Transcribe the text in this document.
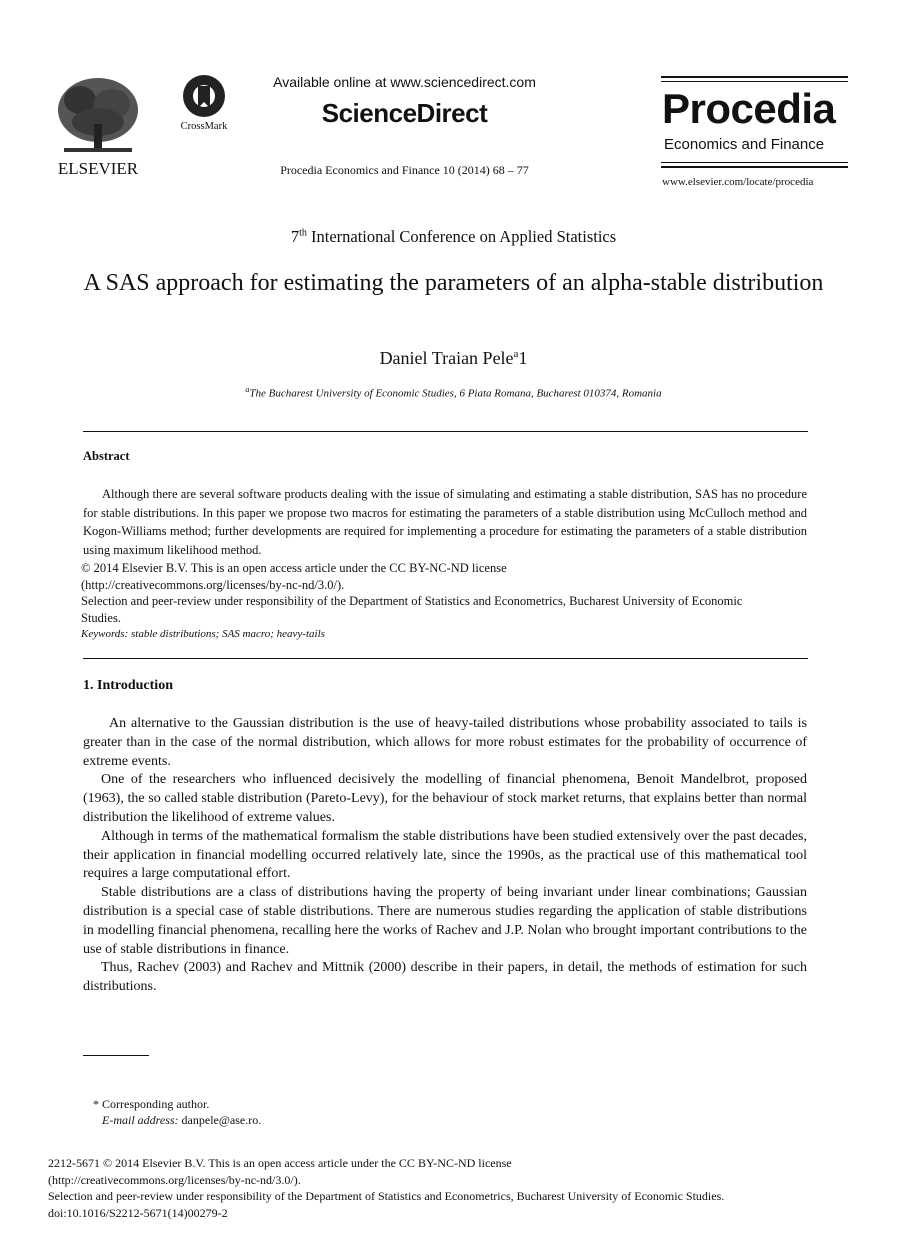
ELSEVIER
CrossMark
Available online at www.sciencedirect.com
ScienceDirect
Procedia Economics and Finance 10 (2014) 68 – 77
Procedia
Economics and Finance
www.elsevier.com/locate/procedia
7th International Conference on Applied Statistics
A SAS approach for estimating the parameters of an alpha-stable distribution
Daniel Traian Pele$^a$1
$^a$The Bucharest University of Economic Studies, 6 Piata Romana, Bucharest 010374, Romania
Abstract
Although there are several software products dealing with the issue of simulating and estimating a stable distribution, SAS has no procedure for stable distributions. In this paper we propose two macros for estimating the parameters of a stable distribution using McCulloch method and Kogon-Williams method; further developments are required for implementing a procedure for estimating the parameters of a stable distribution using maximum likelihood method.
© 2014 Elsevier B.V. This is an open access article under the CC BY-NC-ND license
(http://creativecommons.org/licenses/by-nc-nd/3.0/).
Selection and peer-review under responsibility of the Department of Statistics and Econometrics, Bucharest University of Economic Studies.
Keywords: stable distributions; SAS macro; heavy-tails
1. Introduction

An alternative to the Gaussian distribution is the use of heavy-tailed distributions whose probability associated to tails is greater than in the case of the normal distribution, which allows for more robust estimates for the probability of occurrence of extreme events.

One of the researchers who influenced decisively the modelling of financial phenomena, Benoit Mandelbrot, proposed (1963), the so called stable distribution (Pareto-Levy), for the behaviour of stock market returns, that explains better than normal distribution the likelihood of extreme values.

Although in terms of the mathematical formalism the stable distributions have been studied extensively over the past decades, their application in financial modelling occurred relatively late, since the 1990s, as the practical use of this mathematical tool requires a large computational effort.

Stable distributions are a class of distributions having the property of being invariant under linear combinations; Gaussian distribution is a special case of stable distributions. There are numerous studies regarding the application of stable distributions in modelling financial phenomena, recalling here the works of Rachev and J.P. Nolan who brought important contributions to the use of stable distributions in finance.

Thus, Rachev (2003) and Rachev and Mittnik (2000) describe in their papers, in detail, the methods of estimation for such distributions.

* Corresponding author.
E-mail address: danpele@ase.ro.
2212-5671 © 2014 Elsevier B.V. This is an open access article under the CC BY-NC-ND license
(http://creativecommons.org/licenses/by-nc-nd/3.0/).
Selection and peer-review under responsibility of the Department of Statistics and Econometrics, Bucharest University of Economic Studies.
doi:10.1016/S2212-5671(14)00279-2
